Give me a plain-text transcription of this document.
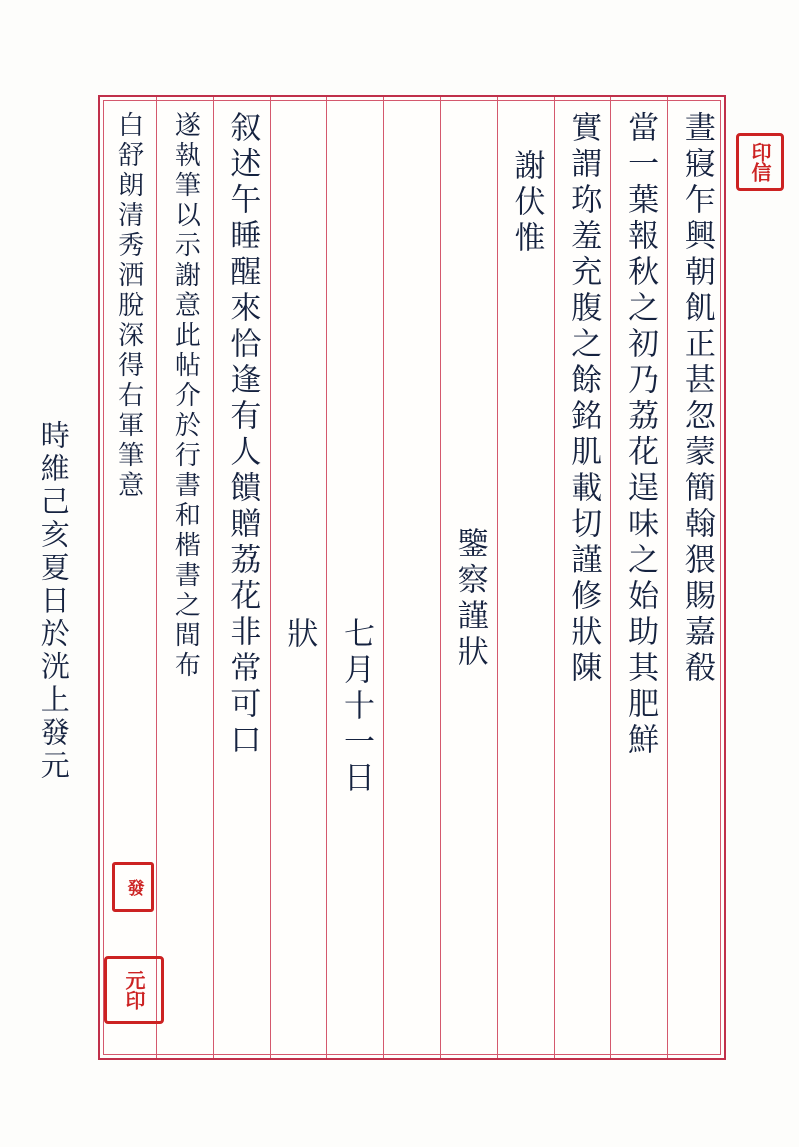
晝寢乍興朝飢正甚忽蒙簡翰猥賜嘉殽
當一葉報秋之初乃荔花逞味之始助其肥鮮
實謂珎羞充腹之餘銘肌載切謹修狀陳
謝伏惟
鑒察謹狀
七月十一日
狀
叙述午睡醒來恰逢有人饋贈荔花非常可口
遂執筆以示謝意此帖介於行書和楷書之間布
白舒朗清秀洒脫深得右軍筆意
時維己亥夏日於洸上發元
印信
發
元印
